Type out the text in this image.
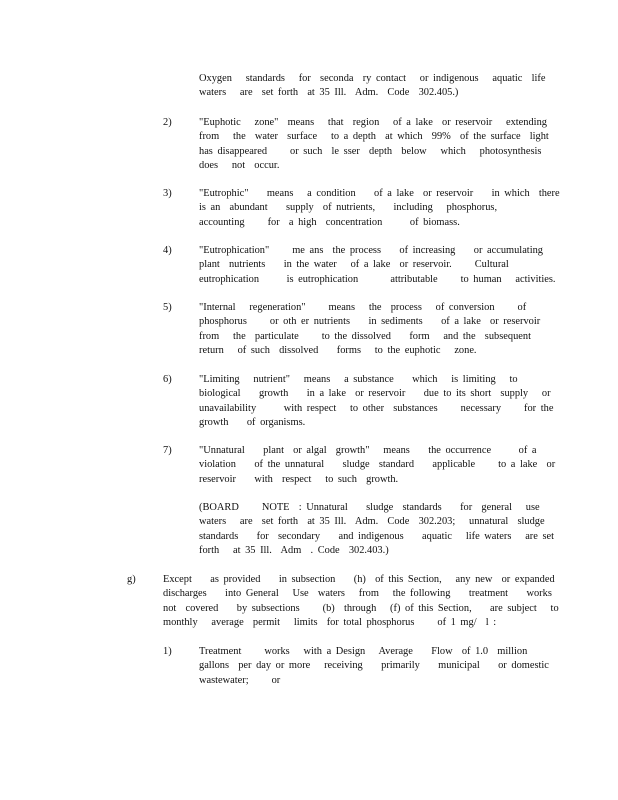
Oxygen   standards   for  seconda  ry contact   or indigenous   aquatic  life
waters   are  set forth  at 35 Ill.  Adm.  Code  302.405.)
2)	"Euphotic   zone"  means   that  region   of a lake  or reservoir   extending
from   the  water  surface   to a depth  at which  99%  of the surface  light
has disappeared     or such  le sser  depth  below   which   photosynthesis
does   not  occur.
3)	"Eutrophic"    means   a condition    of a lake  or reservoir    in which  there
is an  abundant    supply  of nutrients,    including   phosphorus,
accounting     for  a high  concentration      of biomass.
4)	"Eutrophication"     me ans  the process    of increasing    or accumulating
plant  nutrients    in the water   of a lake  or reservoir.     Cultural
eutrophication      is eutrophication       attributable     to human   activities.
5)	"Internal   regeneration"     means   the  process   of conversion     of
phosphorus     or oth er nutrients    in sediments    of a lake  or reservoir
from   the  particulate     to the dissolved    form   and the  subsequent
return   of such  dissolved    forms   to the euphotic   zone.
6)	"Limiting   nutrient"   means   a substance    which   is limiting   to
biological    growth    in a lake  or reservoir    due to its short  supply   or
unavailability      with respect   to other  substances     necessary     for the
growth    of organisms.
7)	"Unnatural    plant  or algal  growth"   means    the occurrence      of a
violation    of the unnatural    sludge  standard    applicable     to a lake  or
reservoir    with  respect   to such  growth.
(BOARD     NOTE  : Unnatural    sludge  standards    for  general   use
waters   are  set forth  at 35 Ill.  Adm.  Code  302.203;   unnatural  sludge
standards    for  secondary    and indigenous    aquatic   life waters   are set
forth   at 35 Ill.  Adm  . Code  302.403.)
g)	Except    as provided    in subsection    (h)  of this Section,   any new  or expanded
discharges    into General   Use  waters   from   the following    treatment    works
not  covered    by subsections     (b)  through   (f) of this Section,    are subject   to
monthly   average  permit   limits  for total phosphorus     of 1 mg/  l :
1)	Treatment     works   with a Design   Average    Flow  of 1.0  million
gallons  per day or more   receiving    primarily    municipal    or domestic
wastewater;     or
